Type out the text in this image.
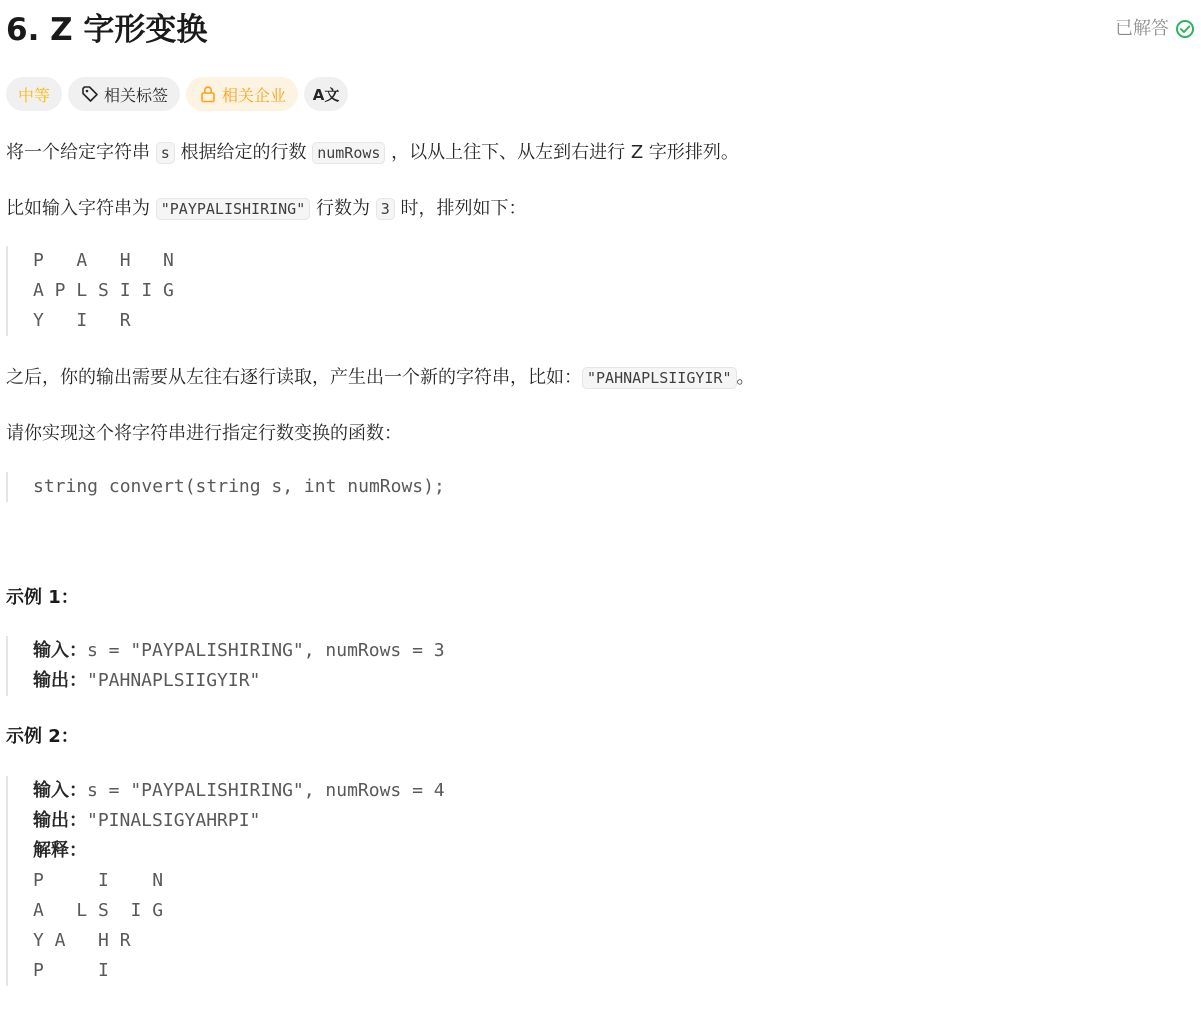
6. Z 字形变换	已解答
中等	相关标签	相关企业 A文
将一个给定字符串 s 根据给定的行数 numRows ，以从上往下、从左到右进行 Z 字形排列。
比如输入字符串为 "PAYPALISHIRING" 行数为 3 时，排列如下：
P   A   H   N
A P L S I I G
Y   I   R
之后，你的输出需要从左往右逐行读取，产生出一个新的字符串，比如： "PAHNAPLSIIGYIR" 。
请你实现这个将字符串进行指定行数变换的函数：
string convert(string s, int numRows);
示例 1：
输入：s = "PAYPALISHIRING", numRows = 3
输出："PAHNAPLSIIGYIR"
示例 2：
输入：s = "PAYPALISHIRING", numRows = 4
输出："PINALSIGYAHRPI"
解释：
P     I    N
A   L S  I G
Y A   H R
P     I
